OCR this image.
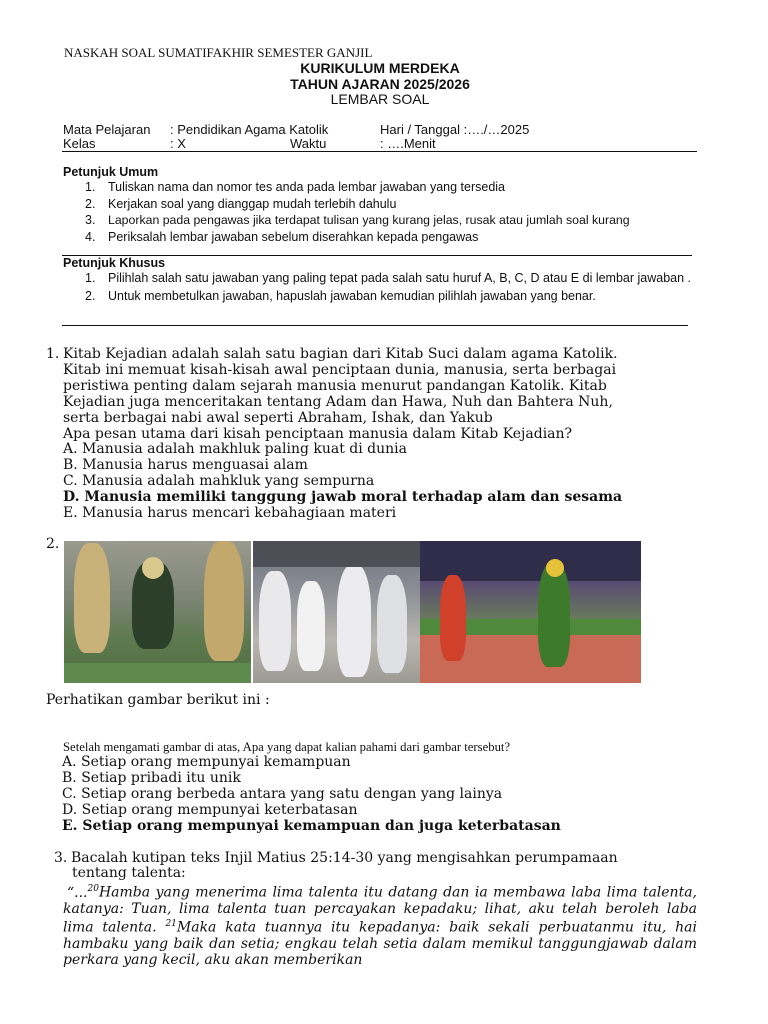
NASKAH SOAL SUMATIFAKHIR SEMESTER GANJIL
KURIKULUM MERDEKA
TAHUN AJARAN 2025/2026
LEMBAR SOAL
Mata Pelajaran : Pendidikan Agama Katolik	Hari / Tanggal :…./…2025
Kelas	: X	Waktu	: ….Menit
Petunjuk Umum
1.	Tuliskan nama dan nomor tes anda pada lembar jawaban yang tersedia
2.	Kerjakan soal yang dianggap mudah terlebih dahulu
3.	Laporkan pada pengawas jika terdapat tulisan yang kurang jelas, rusak atau jumlah soal kurang
4.	Periksalah lembar jawaban sebelum diserahkan kepada pengawas
Petunjuk Khusus
1.	Pilihlah salah satu jawaban yang paling tepat pada salah satu huruf A, B, C, D atau E di lembar jawaban .
2.	Untuk membetulkan jawaban, hapuslah jawaban kemudian pilihlah jawaban yang benar.
1. Kitab Kejadian adalah salah satu bagian dari Kitab Suci dalam agama Katolik.
Kitab ini memuat kisah-kisah awal penciptaan dunia, manusia, serta berbagai
peristiwa penting dalam sejarah manusia menurut pandangan Katolik. Kitab
Kejadian juga menceritakan tentang Adam dan Hawa, Nuh dan Bahtera Nuh,
serta berbagai nabi awal seperti Abraham, Ishak, dan Yakub
Apa pesan utama dari kisah penciptaan manusia dalam Kitab Kejadian?
A. Manusia adalah makhluk paling kuat di dunia
B. Manusia harus menguasai alam
C. Manusia adalah mahkluk yang sempurna
D. Manusia memiliki tanggung jawab moral terhadap alam dan sesama
E. Manusia harus mencari kebahagiaan materi
2.
Perhatikan gambar berikut ini :
Setelah mengamati gambar di atas, Apa yang dapat kalian pahami dari gambar tersebut?
A. Setiap orang mempunyai kemampuan
B. Setiap pribadi itu unik
C. Setiap orang berbeda antara yang satu dengan yang lainya
D. Setiap orang mempunyai keterbatasan
E. Setiap orang mempunyai kemampuan dan juga keterbatasan
3. Bacalah kutipan teks Injil Matius 25:14-30 yang mengisahkan perumpamaan
tentang talenta:
“...$^{20}$Hamba yang menerima lima talenta itu datang dan ia membawa laba lima talenta, katanya: Tuan, lima talenta tuan percayakan kepadaku; lihat, aku telah beroleh laba lima talenta. $^{21}$Maka kata tuannya itu kepadanya: baik sekali perbuatanmu itu, hai hambaku yang baik dan setia; engkau telah setia dalam memikul tanggungjawab dalam perkara yang kecil, aku akan memberikan
